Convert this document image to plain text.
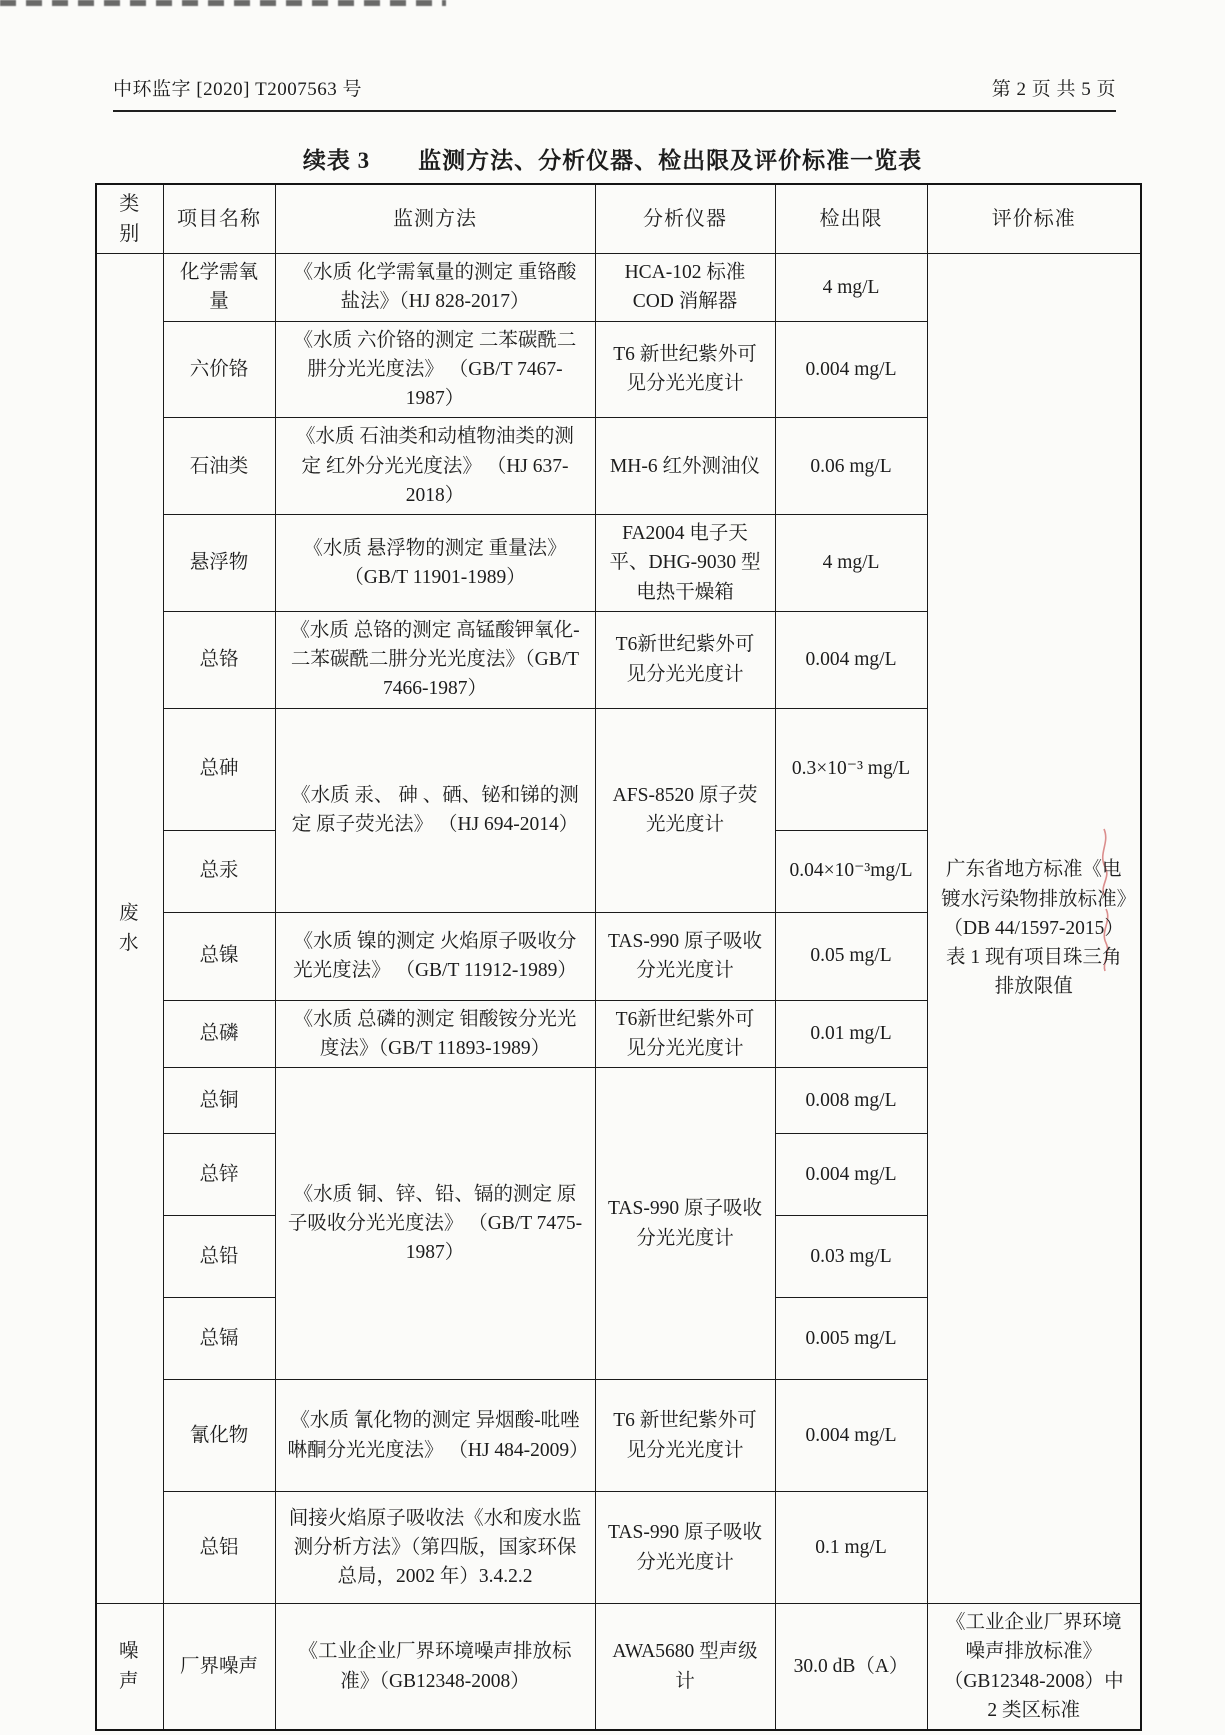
中环监字 [2020] T2007563 号	第 2 页 共 5 页
续表 3　　监测方法、分析仪器、检出限及评价标准一览表
类别	项目名称	监测方法	分析仪器	检出限	评价标准
废水	化学需氧量	《水质 化学需氧量的测定 重铬酸盐法》（HJ 828-2017）	HCA-102 标准 COD 消解器	4 mg/L	广东省地方标准《电镀水污染物排放标准》（DB 44/1597-2015）表 1 现有项目珠三角排放限值
	六价铬	《水质 六价铬的测定 二苯碳酰二肼分光光度法》 （GB/T 7467-1987）	T6 新世纪紫外可见分光光度计	0.004 mg/L	
	石油类	《水质 石油类和动植物油类的测定 红外分光光度法》 （HJ 637-2018）	MH-6 红外测油仪	0.06 mg/L	
	悬浮物	《水质 悬浮物的测定 重量法》（GB/T 11901-1989）	FA2004 电子天平、DHG-9030 型电热干燥箱	4 mg/L	
	总铬	《水质 总铬的测定 高锰酸钾氧化-二苯碳酰二肼分光光度法》（GB/T 7466-1987）	T6新世纪紫外可见分光光度计	0.004 mg/L	
	总砷	《水质 汞、 砷 、硒、铋和锑的测定 原子荧光法》 （HJ 694-2014）	AFS-8520 原子荧光光度计	0.3×10⁻³ mg/L	
	总汞			0.04×10⁻³mg/L	
	总镍	《水质 镍的测定 火焰原子吸收分光光度法》 （GB/T 11912-1989）	TAS-990 原子吸收分光光度计	0.05 mg/L	
	总磷	《水质 总磷的测定 钼酸铵分光光度法》（GB/T 11893-1989）	T6新世纪紫外可见分光光度计	0.01 mg/L	
	总铜	《水质 铜、锌、铅、镉的测定 原子吸收分光光度法》 （GB/T 7475-1987）	TAS-990 原子吸收分光光度计	0.008 mg/L	
	总锌			0.004 mg/L	
	总铅			0.03 mg/L	
	总镉			0.005 mg/L	
	氰化物	《水质 氰化物的测定 异烟酸-吡唑啉酮分光光度法》 （HJ 484-2009）	T6 新世纪紫外可见分光光度计	0.004 mg/L	
	总铝	间接火焰原子吸收法《水和废水监测分析方法》（第四版，国家环保总局，2002 年）3.4.2.2	TAS-990 原子吸收分光光度计	0.1 mg/L	
噪声	厂界噪声	《工业企业厂界环境噪声排放标准》（GB12348-2008）	AWA5680 型声级计	30.0 dB（A）	《工业企业厂界环境噪声排放标准》（GB12348-2008）中 2 类区标准
